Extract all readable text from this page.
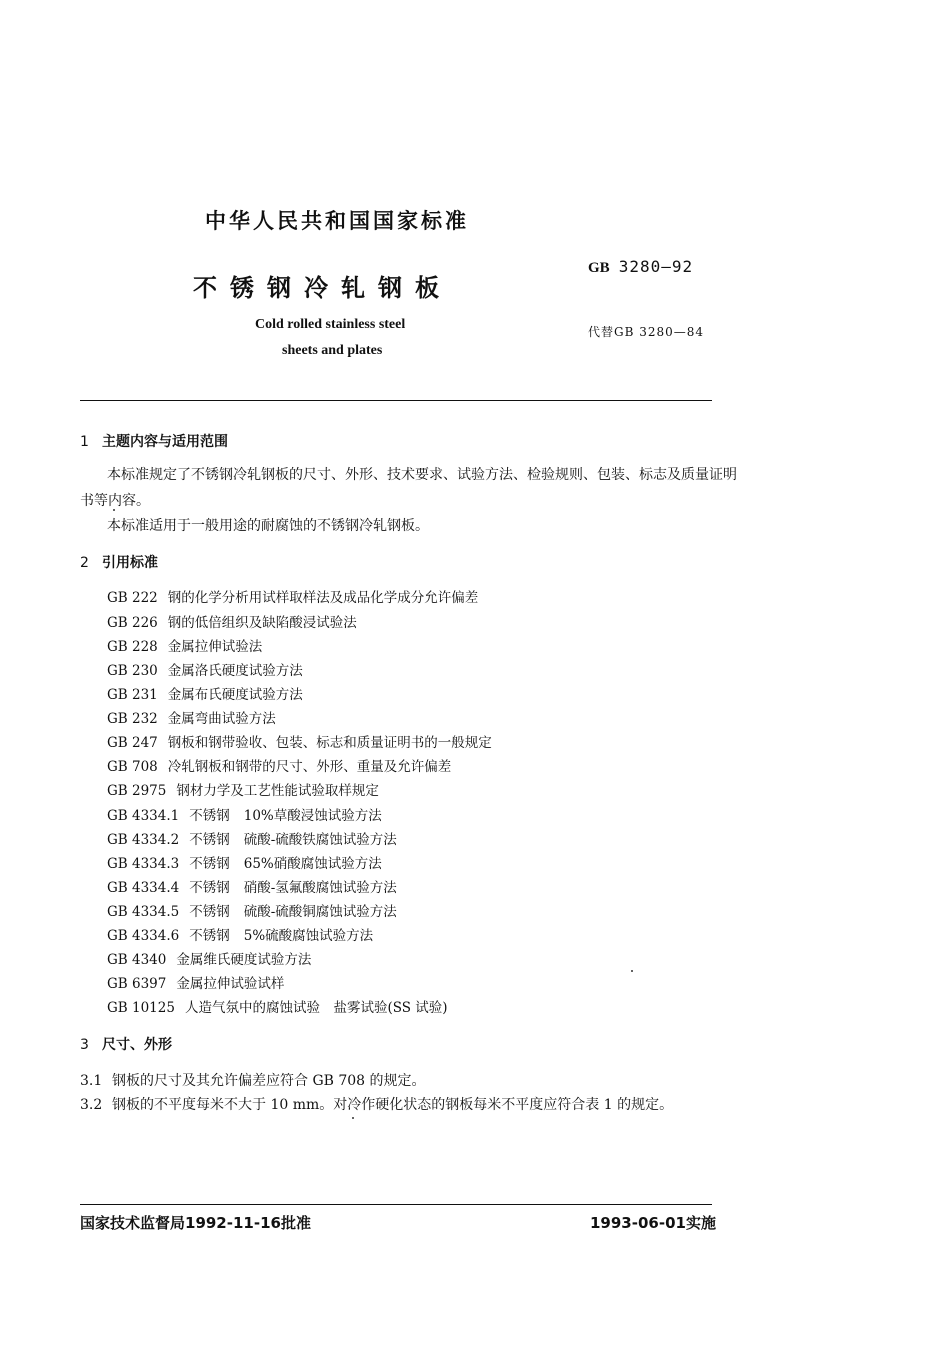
中华人民共和国国家标准
不锈钢冷轧钢板
GB 3280—92
Cold rolled stainless steel
sheets and plates
代替GB 3280—84
1 主题内容与适用范围
本标准规定了不锈钢冷轧钢板的尺寸、外形、技术要求、试验方法、检验规则、包装、标志及质量证明
书等内容。
本标准适用于一般用途的耐腐蚀的不锈钢冷轧钢板。
2 引用标准
GB 222 钢的化学分析用试样取样法及成品化学成分允许偏差
GB 226 钢的低倍组织及缺陷酸浸试验法
GB 228 金属拉伸试验法
GB 230 金属洛氏硬度试验方法
GB 231 金属布氏硬度试验方法
GB 232 金属弯曲试验方法
GB 247 钢板和钢带验收、包装、标志和质量证明书的一般规定
GB 708 冷轧钢板和钢带的尺寸、外形、重量及允许偏差
GB 2975 钢材力学及工艺性能试验取样规定
GB 4334.1 不锈钢 10%草酸浸蚀试验方法
GB 4334.2 不锈钢 硫酸-硫酸铁腐蚀试验方法
GB 4334.3 不锈钢 65%硝酸腐蚀试验方法
GB 4334.4 不锈钢 硝酸-氢氟酸腐蚀试验方法
GB 4334.5 不锈钢 硫酸-硫酸铜腐蚀试验方法
GB 4334.6 不锈钢 5%硫酸腐蚀试验方法
GB 4340 金属维氏硬度试验方法
GB 6397 金属拉伸试验试样
GB 10125 人造气氛中的腐蚀试验　盐雾试验(SS 试验)
3 尺寸、外形
3.1 钢板的尺寸及其允许偏差应符合 GB 708 的规定。
3.2 钢板的不平度每米不大于 10 mm。对冷作硬化状态的钢板每米不平度应符合表 1 的规定。
国家技术监督局1992-11-16批准	1993-06-01实施
